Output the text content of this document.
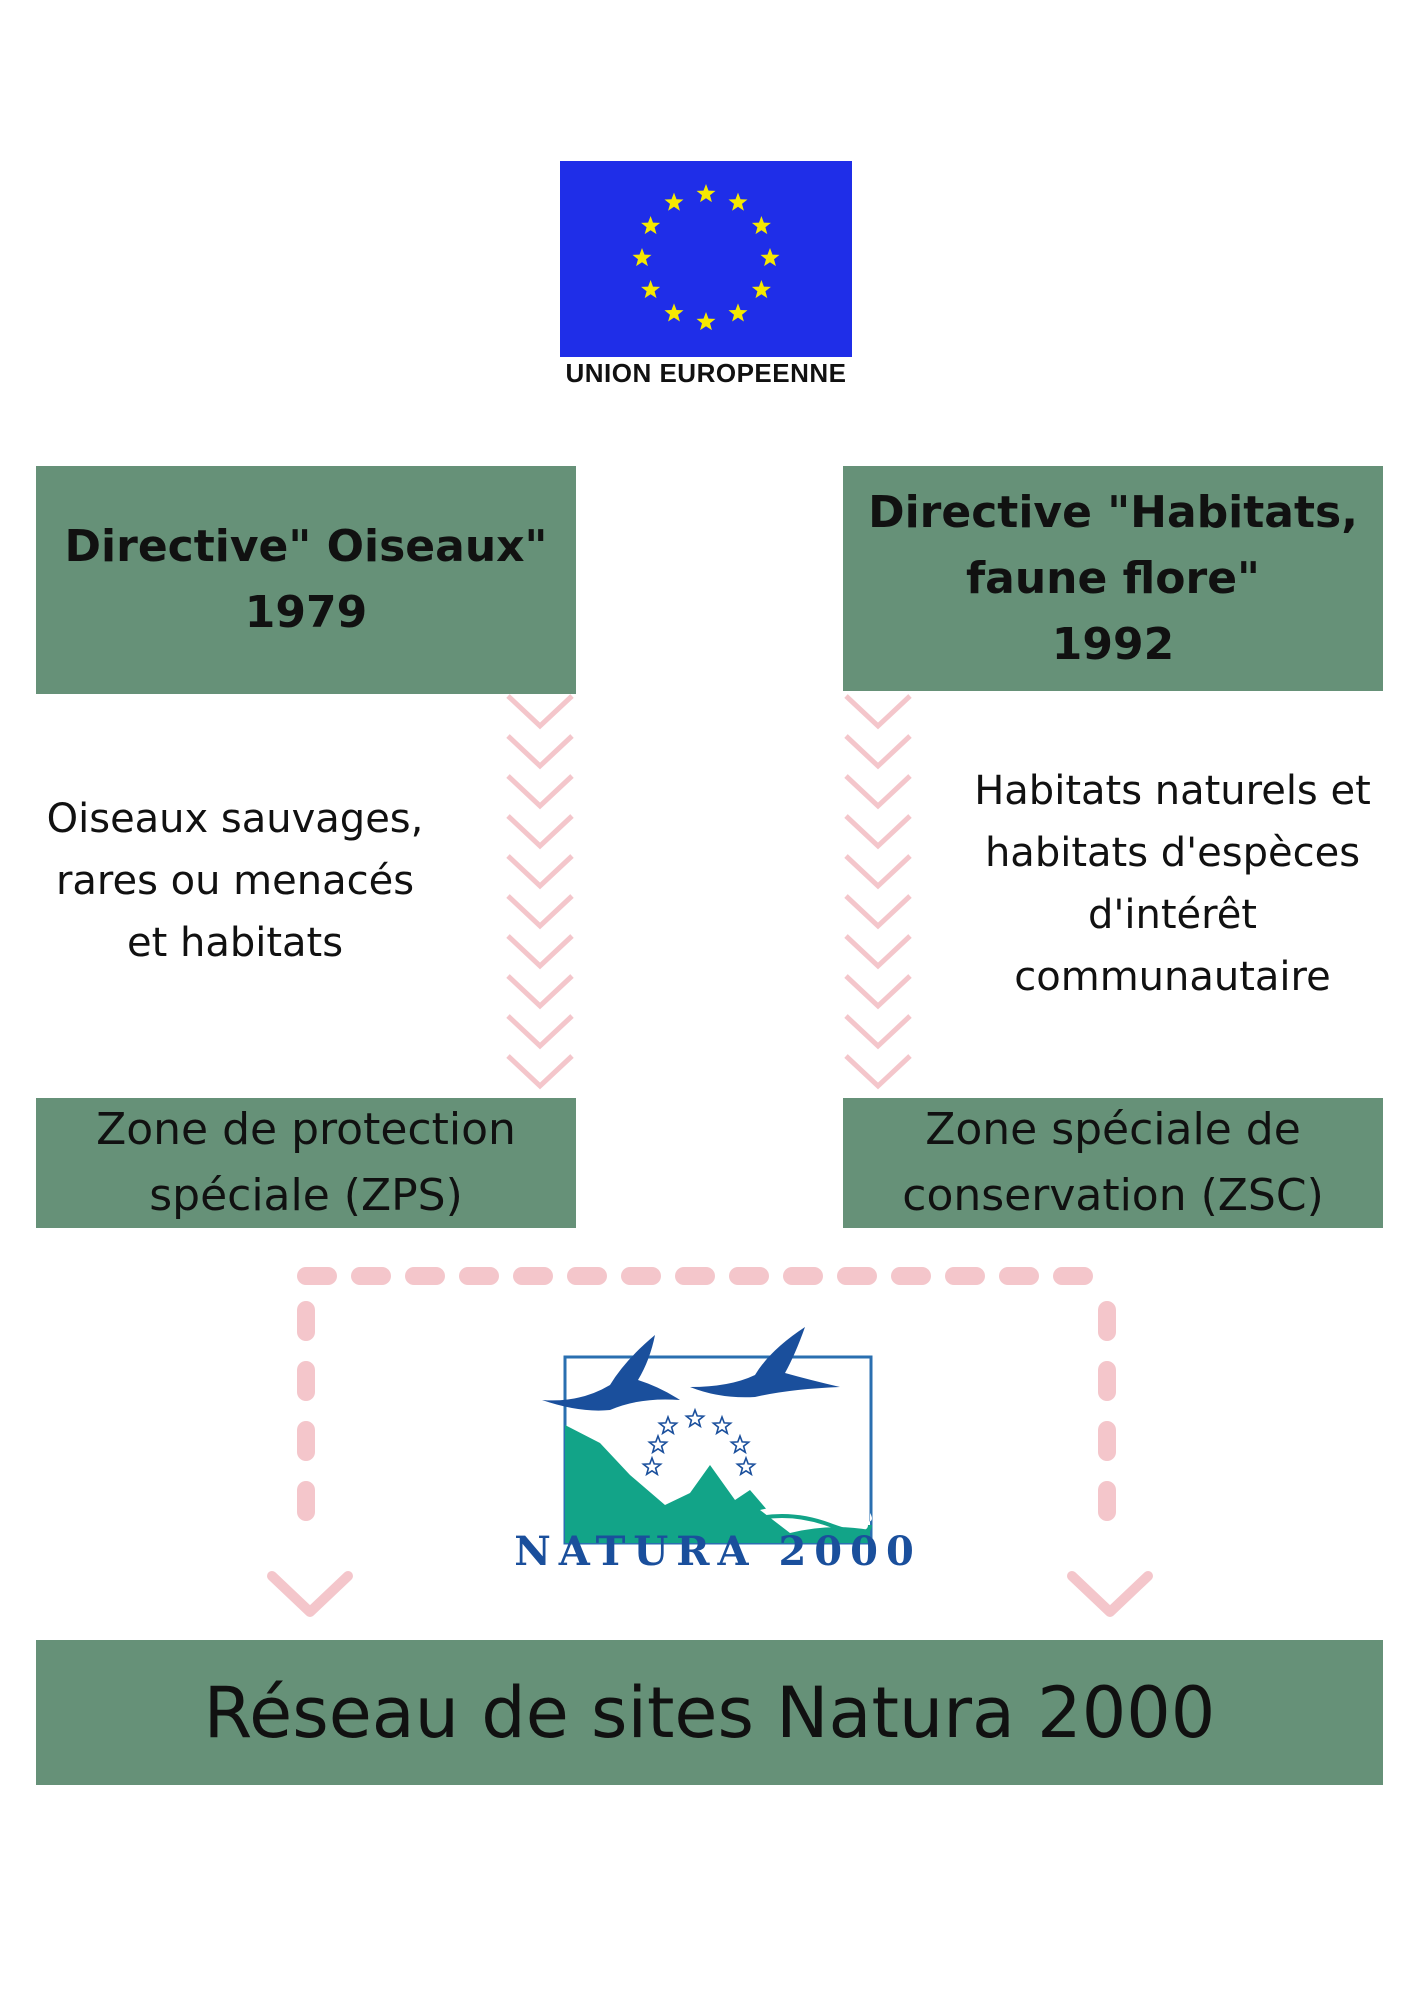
UNION EUROPEENNE
Directive" Oiseaux"
1979
Directive "Habitats,
faune flore"
1992
Oiseaux sauvages,
rares ou menacés
et habitats
Habitats naturels et
habitats d'espèces
d'intérêt
communautaire
Zone de protection
spéciale (ZPS)
Zone spéciale de
conservation (ZSC)
NATURA 2000
Réseau de sites Natura 2000
